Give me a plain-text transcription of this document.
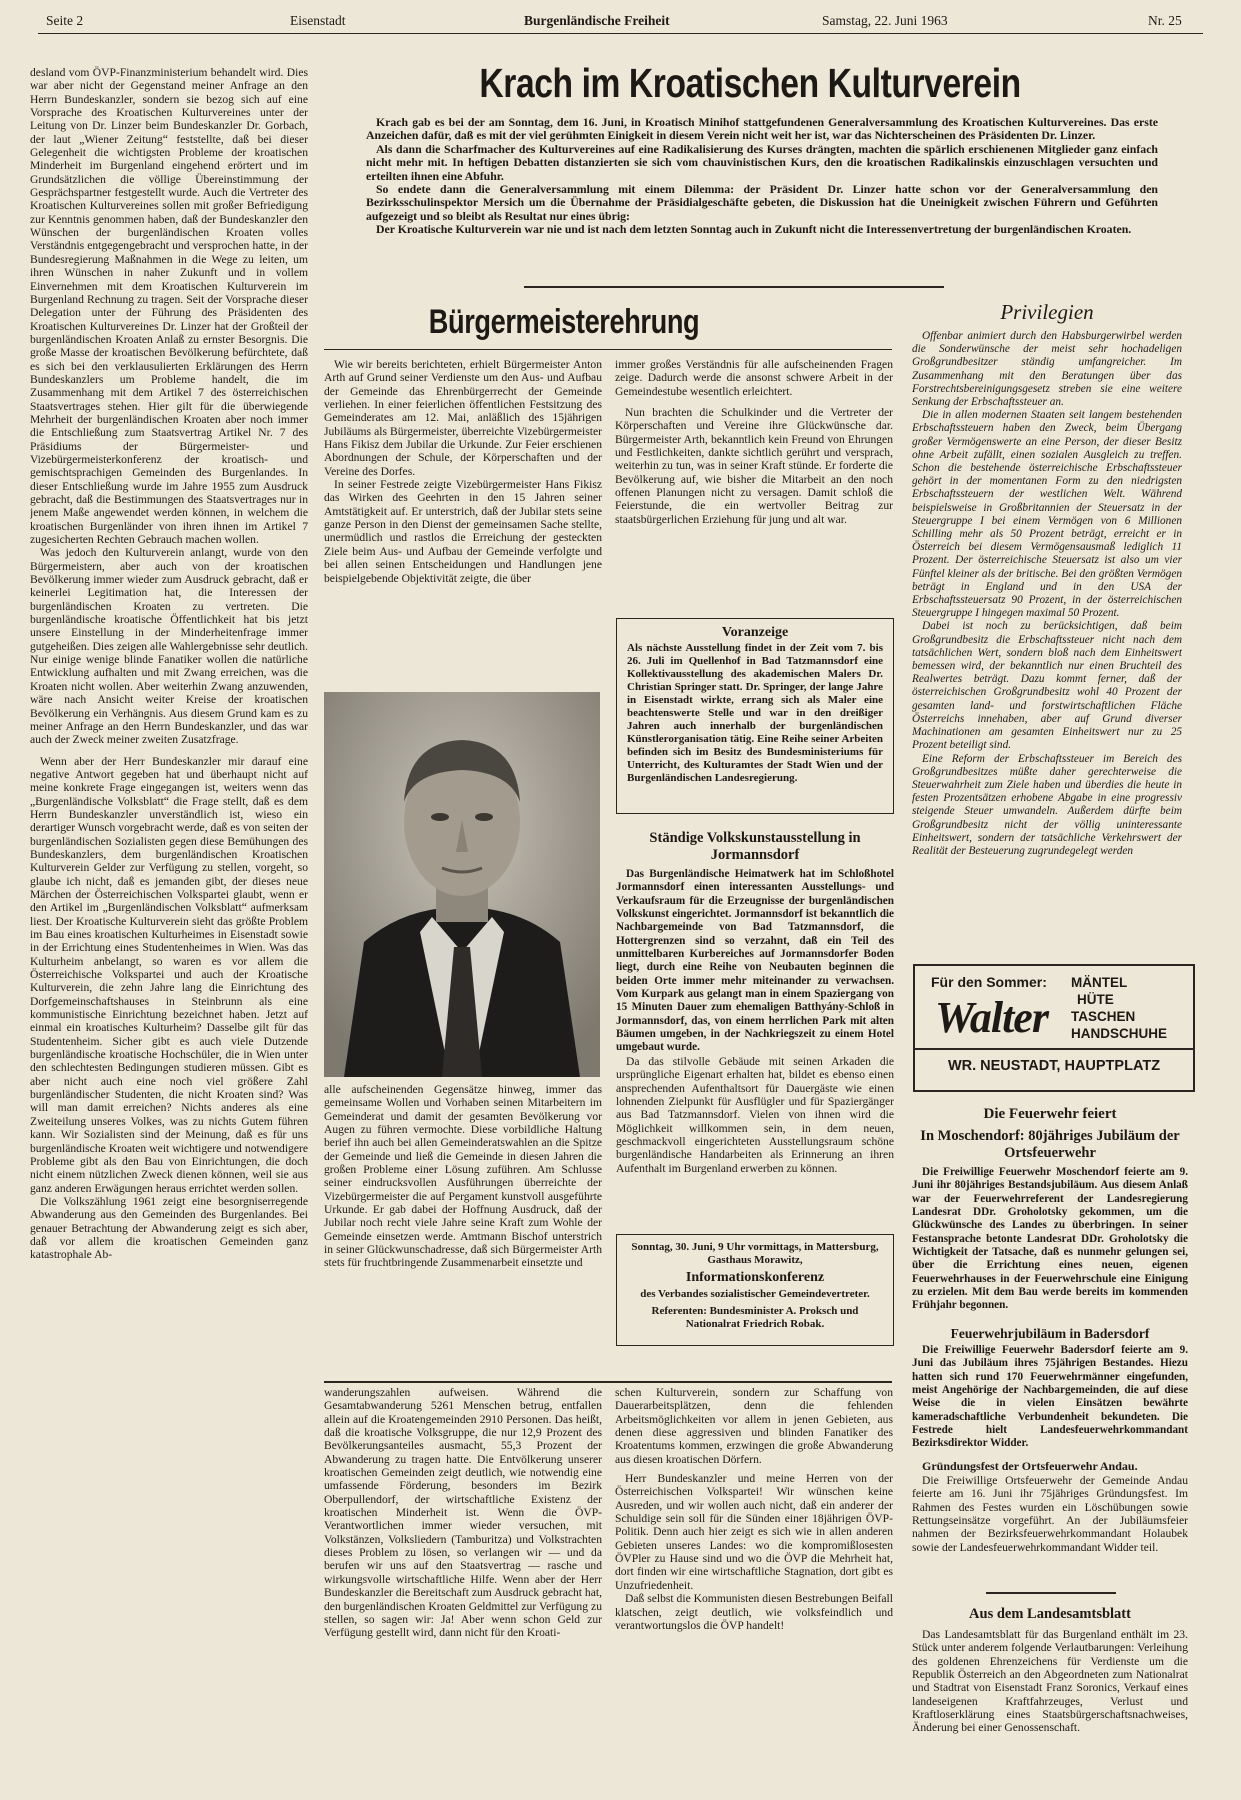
Seite 2	Eisenstadt	Burgenländische Freiheit	Samstag, 22. Juni 1963	Nr. 25

desland vom ÖVP-Finanzministerium behandelt wird. Dies war aber nicht der Gegenstand meiner Anfrage an den Herrn Bundeskanzler, sondern sie bezog sich auf eine Vorsprache des Kroatischen Kulturvereines unter der Leitung von Dr. Linzer beim Bundeskanzler Dr. Gorbach, der laut „Wiener Zeitung“ feststellte, daß bei dieser Gelegenheit die wichtigsten Probleme der kroatischen Minderheit im Burgenland eingehend erörtert und im Grundsätzlichen die völlige Übereinstimmung der Gesprächspartner festgestellt wurde. Auch die Vertreter des Kroatischen Kulturvereines sollen mit großer Befriedigung zur Kenntnis genommen haben, daß der Bundeskanzler den Wünschen der burgenländischen Kroaten volles Verständnis entgegengebracht und versprochen hatte, in der Bundesregierung Maßnahmen in die Wege zu leiten, um ihren Wünschen in naher Zukunft und in vollem Einvernehmen mit dem Kroatischen Kulturverein im Burgenland Rechnung zu tragen. Seit der Vorsprache dieser Delegation unter der Führung des Präsidenten des Kroatischen Kulturvereines Dr. Linzer hat der Großteil der burgenländischen Kroaten Anlaß zu ernster Besorgnis. Die große Masse der kroatischen Bevölkerung befürchtete, daß es sich bei den verklausulierten Erklärungen des Herrn Bundeskanzlers um Probleme handelt, die im Zusammenhang mit dem Artikel 7 des österreichischen Staatsvertrages stehen. Hier gilt für die überwiegende Mehrheit der burgenländischen Kroaten aber noch immer die Entschließung zum Staatsvertrag Artikel Nr. 7 des Präsidiums der Bürgermeister- und Vizebürgermeisterkonferenz der kroatisch- und gemischtsprachigen Gemeinden des Burgenlandes. In dieser Entschließung wurde im Jahre 1955 zum Ausdruck gebracht, daß die Bestimmungen des Staatsvertrages nur in jenem Maße angewendet werden können, in welchem die kroatischen Burgenländer von ihren ihnen im Artikel 7 zugesicherten Rechten Gebrauch machen wollen.

Was jedoch den Kulturverein anlangt, wurde von den Bürgermeistern, aber auch von der kroatischen Bevölkerung immer wieder zum Ausdruck gebracht, daß er keinerlei Legitimation hat, die Interessen der burgenländischen Kroaten zu vertreten. Die burgenländische kroatische Öffentlichkeit hat bis jetzt unsere Einstellung in der Minderheitenfrage immer gutgeheißen. Dies zeigen alle Wahlergebnisse sehr deutlich. Nur einige wenige blinde Fanatiker wollen die natürliche Entwicklung aufhalten und mit Zwang erreichen, was die Kroaten nicht wollen. Aber weiterhin Zwang anzuwenden, wäre nach Ansicht weiter Kreise der kroatischen Bevölkerung ein Verhängnis. Aus diesem Grund kam es zu meiner Anfrage an den Herrn Bundeskanzler, und das war auch der Zweck meiner zweiten Zusatzfrage.

Wenn aber der Herr Bundeskanzler mir darauf eine negative Antwort gegeben hat und überhaupt nicht auf meine konkrete Frage eingegangen ist, weiters wenn das „Burgenländische Volksblatt“ die Frage stellt, daß es dem Herrn Bundeskanzler unverständlich ist, wieso ein derartiger Wunsch vorgebracht werde, daß es von seiten der burgenländischen Sozialisten gegen diese Bemühungen des Bundeskanzlers, dem burgenländischen Kroatischen Kulturverein Gelder zur Verfügung zu stellen, vorgeht, so glaube ich nicht, daß es jemanden gibt, der dieses neue Märchen der Österreichischen Volkspartei glaubt, wenn er den Artikel im „Burgenländischen Volksblatt“ aufmerksam liest. Der Kroatische Kulturverein sieht das größte Problem im Bau eines kroatischen Kulturheimes in Eisenstadt sowie in der Errichtung eines Studentenheimes in Wien. Was das Kulturheim anbelangt, so waren es vor allem die Österreichische Volkspartei und auch der Kroatische Kulturverein, die zehn Jahre lang die Einrichtung des Dorfgemeinschaftshauses in Steinbrunn als eine kommunistische Einrichtung bezeichnet haben. Jetzt auf einmal ein kroatisches Kulturheim? Dasselbe gilt für das Studentenheim. Sicher gibt es auch viele Dutzende burgenländische kroatische Hochschüler, die in Wien unter den schlechtesten Bedingungen studieren müssen. Gibt es aber nicht auch eine noch viel größere Zahl burgenländischer Studenten, die nicht Kroaten sind? Was will man damit erreichen? Nichts anderes als eine Zweiteilung unseres Volkes, was zu nichts Gutem führen kann. Wir Sozialisten sind der Meinung, daß es für uns burgenländische Kroaten weit wichtigere und notwendigere Probleme gibt als den Bau von Einrichtungen, die doch nicht einem nützlichen Zweck dienen können, weil sie aus ganz anderen Erwägungen heraus errichtet werden sollen.

Die Volkszählung 1961 zeigt eine besorgniserregende Abwanderung aus den Gemeinden des Burgenlandes. Bei genauer Betrachtung der Abwanderung zeigt es sich aber, daß vor allem die kroatischen Gemeinden ganz katastrophale Ab-

Krach im Kroatischen Kulturverein

Krach gab es bei der am Sonntag, dem 16. Juni, in Kroatisch Minihof stattgefundenen Generalversammlung des Kroatischen Kulturvereines. Das erste Anzeichen dafür, daß es mit der viel gerühmten Einigkeit in diesem Verein nicht weit her ist, war das Nichterscheinen des Präsidenten Dr. Linzer.

Als dann die Scharfmacher des Kulturvereines auf eine Radikalisierung des Kurses drängten, machten die spärlich erschienenen Mitglieder ganz einfach nicht mehr mit. In heftigen Debatten distanzierten sie sich vom chauvinistischen Kurs, den die kroatischen Radikalinskis einzuschlagen versuchten und erteilten ihnen eine Abfuhr.

So endete dann die Generalversammlung mit einem Dilemma: der Präsident Dr. Linzer hatte schon vor der Generalversammlung den Bezirksschulinspektor Mersich um die Übernahme der Präsidialgeschäfte gebeten, die Diskussion hat die Uneinigkeit zwischen Führern und Geführten aufgezeigt und so bleibt als Resultat nur eines übrig:

Der Kroatische Kulturverein war nie und ist nach dem letzten Sonntag auch in Zukunft nicht die Interessenvertretung der burgenländischen Kroaten.

Bürgermeisterehrung

Wie wir bereits berichteten, erhielt Bürgermeister Anton Arth auf Grund seiner Verdienste um den Aus- und Aufbau der Gemeinde das Ehrenbürgerrecht der Gemeinde verliehen. In einer feierlichen öffentlichen Festsitzung des Gemeinderates am 12. Mai, anläßlich des 15jährigen Jubiläums als Bürgermeister, überreichte Vizebürgermeister Hans Fikisz dem Jubilar die Urkunde. Zur Feier erschienen Abordnungen der Schule, der Körperschaften und der Vereine des Dorfes.

In seiner Festrede zeigte Vizebürgermeister Hans Fikisz das Wirken des Geehrten in den 15 Jahren seiner Amtstätigkeit auf. Er unterstrich, daß der Jubilar stets seine ganze Person in den Dienst der gemeinsamen Sache stellte, unermüdlich und rastlos die Erreichung der gesteckten Ziele beim Aus- und Aufbau der Gemeinde verfolgte und bei allen seinen Entscheidungen und Handlungen jene beispielgebende Objektivität zeigte, die über

immer großes Verständnis für alle aufscheinenden Fragen zeige. Dadurch werde die ansonst schwere Arbeit in der Gemeindestube wesentlich erleichtert.

Nun brachten die Schulkinder und die Vertreter der Körperschaften und Vereine ihre Glückwünsche dar. Bürgermeister Arth, bekanntlich kein Freund von Ehrungen und Festlichkeiten, dankte sichtlich gerührt und versprach, weiterhin zu tun, was in seiner Kraft stünde. Er forderte die Bevölkerung auf, wie bisher die Mitarbeit an den noch offenen Planungen nicht zu versagen. Damit schloß die Feierstunde, die ein wertvoller Beitrag zur staatsbürgerlichen Erziehung für jung und alt war.

alle aufscheinenden Gegensätze hinweg, immer das gemeinsame Wollen und Vorhaben seinen Mitarbeitern im Gemeinderat und damit der gesamten Bevölkerung vor Augen zu führen vermochte. Diese vorbildliche Haltung berief ihn auch bei allen Gemeinderatswahlen an die Spitze der Gemeinde und ließ die Gemeinde in diesen Jahren die großen Probleme einer Lösung zuführen. Am Schlusse seiner eindrucksvollen Ausführungen überreichte der Vizebürgermeister die auf Pergament kunstvoll ausgeführte Urkunde. Er gab dabei der Hoffnung Ausdruck, daß der Jubilar noch recht viele Jahre seine Kraft zum Wohle der Gemeinde einsetzen werde. Amtmann Bischof unterstrich in seiner Glückwunschadresse, daß sich Bürgermeister Arth stets für fruchtbringende Zusammenarbeit einsetzte und

Voranzeige
Als nächste Ausstellung findet in der Zeit vom 7. bis 26. Juli im Quellenhof in Bad Tatzmannsdorf eine Kollektivausstellung des akademischen Malers Dr. Christian Springer statt. Dr. Springer, der lange Jahre in Eisenstadt wirkte, errang sich als Maler eine beachtenswerte Stelle und war in den dreißiger Jahren auch innerhalb der burgenländischen Künstlerorganisation tätig. Eine Reihe seiner Arbeiten befinden sich im Besitz des Bundesministeriums für Unterricht, des Kulturamtes der Stadt Wien und der Burgenländischen Landesregierung.
Ständige Volkskunstausstellung in Jormannsdorf

Das Burgenländische Heimatwerk hat im Schloßhotel Jormannsdorf einen interessanten Ausstellungs- und Verkaufsraum für die Erzeugnisse der burgenländischen Volkskunst eingerichtet. Jormannsdorf ist bekanntlich die Nachbargemeinde von Bad Tatzmannsdorf, die Hottergrenzen sind so verzahnt, daß ein Teil des unmittelbaren Kurbereiches auf Jormannsdorfer Boden liegt, durch eine Reihe von Neubauten beginnen die beiden Orte immer mehr miteinander zu verwachsen. Vom Kurpark aus gelangt man in einem Spaziergang von 15 Minuten Dauer zum ehemaligen Batthyány-Schloß in Jormannsdorf, das, von einem herrlichen Park mit alten Bäumen umgeben, in der Nachkriegszeit zu einem Hotel umgebaut wurde.

Da das stilvolle Gebäude mit seinen Arkaden die ursprüngliche Eigenart erhalten hat, bildet es ebenso einen ansprechenden Aufenthaltsort für Dauergäste wie einen lohnenden Zielpunkt für Ausflügler und für Spaziergänger aus Bad Tatzmannsdorf. Vielen von ihnen wird die Möglichkeit willkommen sein, in dem neuen, geschmackvoll eingerichteten Ausstellungsraum schöne burgenländische Handarbeiten als Erinnerung an ihren Aufenthalt im Burgenland erwerben zu können.

Sonntag, 30. Juni, 9 Uhr vormittags, in Mattersburg, Gasthaus Morawitz,
Informationskonferenz
des Verbandes sozialistischer Gemeindevertreter.
Referenten: Bundesminister A. Proksch und Nationalrat Friedrich Robak.

wanderungszahlen aufweisen. Während die Gesamtabwanderung 5261 Menschen betrug, entfallen allein auf die Kroatengemeinden 2910 Personen. Das heißt, daß die kroatische Volksgruppe, die nur 12,9 Prozent des Bevölkerungsanteiles ausmacht, 55,3 Prozent der Abwanderung zu tragen hatte. Die Entvölkerung unserer kroatischen Gemeinden zeigt deutlich, wie notwendig eine umfassende Förderung, besonders im Bezirk Oberpullendorf, der wirtschaftliche Existenz der kroatischen Minderheit ist. Wenn die ÖVP-Verantwortlichen immer wieder versuchen, mit Volkstänzen, Volksliedern (Tamburitza) und Volkstrachten dieses Problem zu lösen, so verlangen wir — und da berufen wir uns auf den Staatsvertrag — rasche und wirkungsvolle wirtschaftliche Hilfe. Wenn aber der Herr Bundeskanzler die Bereitschaft zum Ausdruck gebracht hat, den burgenländischen Kroaten Geldmittel zur Verfügung zu stellen, so sagen wir: Ja! Aber wenn schon Geld zur Verfügung gestellt wird, dann nicht für den Kroati-

schen Kulturverein, sondern zur Schaffung von Dauerarbeitsplätzen, denn die fehlenden Arbeitsmöglichkeiten vor allem in jenen Gebieten, aus denen diese aggressiven und blinden Fanatiker des Kroatentums kommen, erzwingen die große Abwanderung aus diesen kroatischen Dörfern.

Herr Bundeskanzler und meine Herren von der Österreichischen Volkspartei! Wir wünschen keine Ausreden, und wir wollen auch nicht, daß ein anderer der Schuldige sein soll für die Sünden einer 18jährigen ÖVP-Politik. Denn auch hier zeigt es sich wie in allen anderen Gebieten unseres Landes: wo die kompromißlosesten ÖVPler zu Hause sind und wo die ÖVP die Mehrheit hat, dort finden wir eine wirtschaftliche Stagnation, dort gibt es Unzufriedenheit.

Daß selbst die Kommunisten diesen Bestrebungen Beifall klatschen, zeigt deutlich, wie volksfeindlich und verantwortungslos die ÖVP handelt!

Privilegien

Offenbar animiert durch den Habsburgerwirbel werden die Sonderwünsche der meist sehr hochadeligen Großgrundbesitzer ständig umfangreicher. Im Zusammenhang mit den Beratungen über das Forstrechtsbereinigungsgesetz streben sie eine weitere Senkung der Erbschaftssteuer an.

Die in allen modernen Staaten seit langem bestehenden Erbschaftssteuern haben den Zweck, beim Übergang großer Vermögenswerte an eine Person, der dieser Besitz ohne Arbeit zufällt, einen sozialen Ausgleich zu treffen. Schon die bestehende österreichische Erbschaftssteuer gehört in der momentanen Form zu den niedrigsten Erbschaftssteuern der westlichen Welt. Während beispielsweise in Großbritannien der Steuersatz in der Steuergruppe I bei einem Vermögen von 6 Millionen Schilling mehr als 50 Prozent beträgt, erreicht er in Österreich bei diesem Vermögensausmaß lediglich 11 Prozent. Der österreichische Steuersatz ist also um vier Fünftel kleiner als der britische. Bei den größten Vermögen beträgt in England und in den USA der Erbschaftssteuersatz 90 Prozent, in der österreichischen Steuergruppe I hingegen maximal 50 Prozent.

Dabei ist noch zu berücksichtigen, daß beim Großgrundbesitz die Erbschaftssteuer nicht nach dem tatsächlichen Wert, sondern bloß nach dem Einheitswert bemessen wird, der bekanntlich nur einen Bruchteil des Realwertes beträgt. Dazu kommt ferner, daß der österreichischen Großgrundbesitz wohl 40 Prozent der gesamten land- und forstwirtschaftlichen Fläche Österreichs innehaben, aber auf Grund diverser Machinationen am gesamten Einheitswert nur zu 25 Prozent beteiligt sind.

Eine Reform der Erbschaftssteuer im Bereich des Großgrundbesitzes müßte daher gerechterweise die Steuerwahrheit zum Ziele haben und überdies die heute in festen Prozentsätzen erhobene Abgabe in eine progressiv steigende Steuer umwandeln. Außerdem dürfte beim Großgrundbesitz nicht der völlig uninteressante Einheitswert, sondern der tatsächliche Verkehrswert der Realität der Besteuerung zugrundegelegt werden

Für den Sommer:
Walter
MÄNTEL
HÜTE
TASCHEN
HANDSCHUHE
WR. NEUSTADT, HAUPTPLATZ
Die Feuerwehr feiert
In Moschendorf: 80jähriges Jubiläum der Ortsfeuerwehr

Die Freiwillige Feuerwehr Moschendorf feierte am 9. Juni ihr 80jähriges Bestandsjubiläum. Aus diesem Anlaß war der Feuerwehrreferent der Landesregierung Landesrat DDr. Groholotsky gekommen, um die Glückwünsche des Landes zu überbringen. In seiner Festansprache betonte Landesrat DDr. Groholotsky die Wichtigkeit der Tatsache, daß es nunmehr gelungen sei, über die Errichtung eines neuen, eigenen Feuerwehrhauses in der Feuerwehrschule eine Einigung zu erzielen. Mit dem Bau werde bereits im kommenden Frühjahr begonnen.

Feuerwehrjubiläum in Badersdorf

Die Freiwillige Feuerwehr Badersdorf feierte am 9. Juni das Jubiläum ihres 75jährigen Bestandes. Hiezu hatten sich rund 170 Feuerwehrmänner eingefunden, meist Angehörige der Nachbargemeinden, die auf diese Weise die in vielen Einsätzen bewährte kameradschaftliche Verbundenheit bekundeten. Die Festrede hielt Landesfeuerwehrkommandant Bezirksdirektor Widder.

Gründungsfest der Ortsfeuerwehr Andau.

Die Freiwillige Ortsfeuerwehr der Gemeinde Andau feierte am 16. Juni ihr 75jähriges Gründungsfest. Im Rahmen des Festes wurden ein Löschübungen sowie Rettungseinsätze vorgeführt. An der Jubiläumsfeier nahmen der Bezirksfeuerwehrkommandant Holaubek sowie der Landesfeuerwehrkommandant Widder teil.

Aus dem Landesamtsblatt

Das Landesamtsblatt für das Burgenland enthält im 23. Stück unter anderem folgende Verlautbarungen: Verleihung des goldenen Ehrenzeichens für Verdienste um die Republik Österreich an den Abgeordneten zum Nationalrat und Stadtrat von Eisenstadt Franz Soronics, Verkauf eines landeseigenen Kraftfahrzeuges, Verlust und Kraftloserklärung eines Staatsbürgerschaftsnachweises, Änderung bei einer Genossenschaft.
